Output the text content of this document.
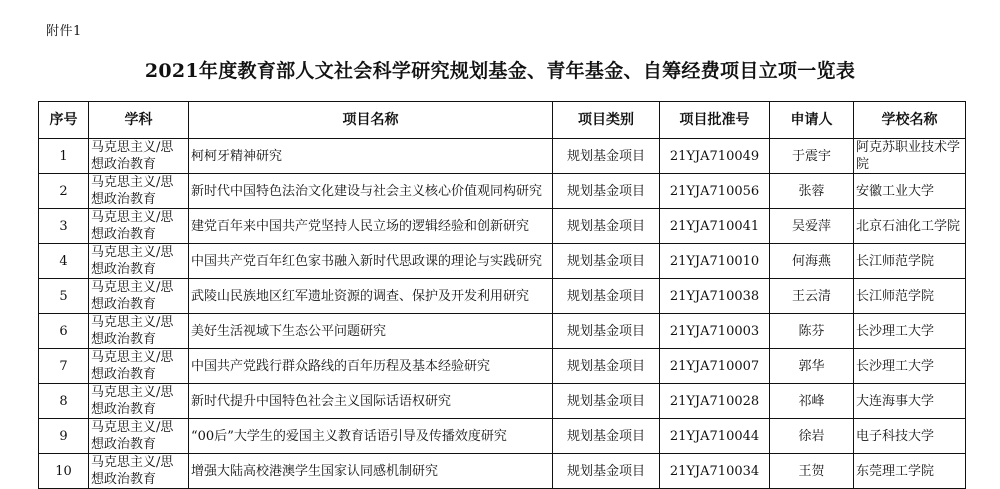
附件1
2021年度教育部人文社会科学研究规划基金、青年基金、自筹经费项目立项一览表
序号	学科	项目名称	项目类别	项目批准号	申请人	学校名称

1	马克思主义/思想政治教育	柯柯牙精神研究	规划基金项目	21YJA710049	于震宇	阿克苏职业技术学院

2	马克思主义/思想政治教育	新时代中国特色法治文化建设与社会主义核心价值观同构研究	规划基金项目	21YJA710056	张蓉	安徽工业大学

3	马克思主义/思想政治教育	建党百年来中国共产党坚持人民立场的逻辑经验和创新研究	规划基金项目	21YJA710041	吴爱萍	北京石油化工学院

4	马克思主义/思想政治教育	中国共产党百年红色家书融入新时代思政课的理论与实践研究	规划基金项目	21YJA710010	何海燕	长江师范学院

5	马克思主义/思想政治教育	武陵山民族地区红军遗址资源的调查、保护及开发利用研究	规划基金项目	21YJA710038	王云清	长江师范学院

6	马克思主义/思想政治教育	美好生活视域下生态公平问题研究	规划基金项目	21YJA710003	陈芬	长沙理工大学

7	马克思主义/思想政治教育	中国共产党践行群众路线的百年历程及基本经验研究	规划基金项目	21YJA710007	郭华	长沙理工大学

8	马克思主义/思想政治教育	新时代提升中国特色社会主义国际话语权研究	规划基金项目	21YJA710028	祁峰	大连海事大学

9	马克思主义/思想政治教育	“00后”大学生的爱国主义教育话语引导及传播效度研究	规划基金项目	21YJA710044	徐岩	电子科技大学

10	马克思主义/思想政治教育	增强大陆高校港澳学生国家认同感机制研究	规划基金项目	21YJA710034	王贺	东莞理工学院
